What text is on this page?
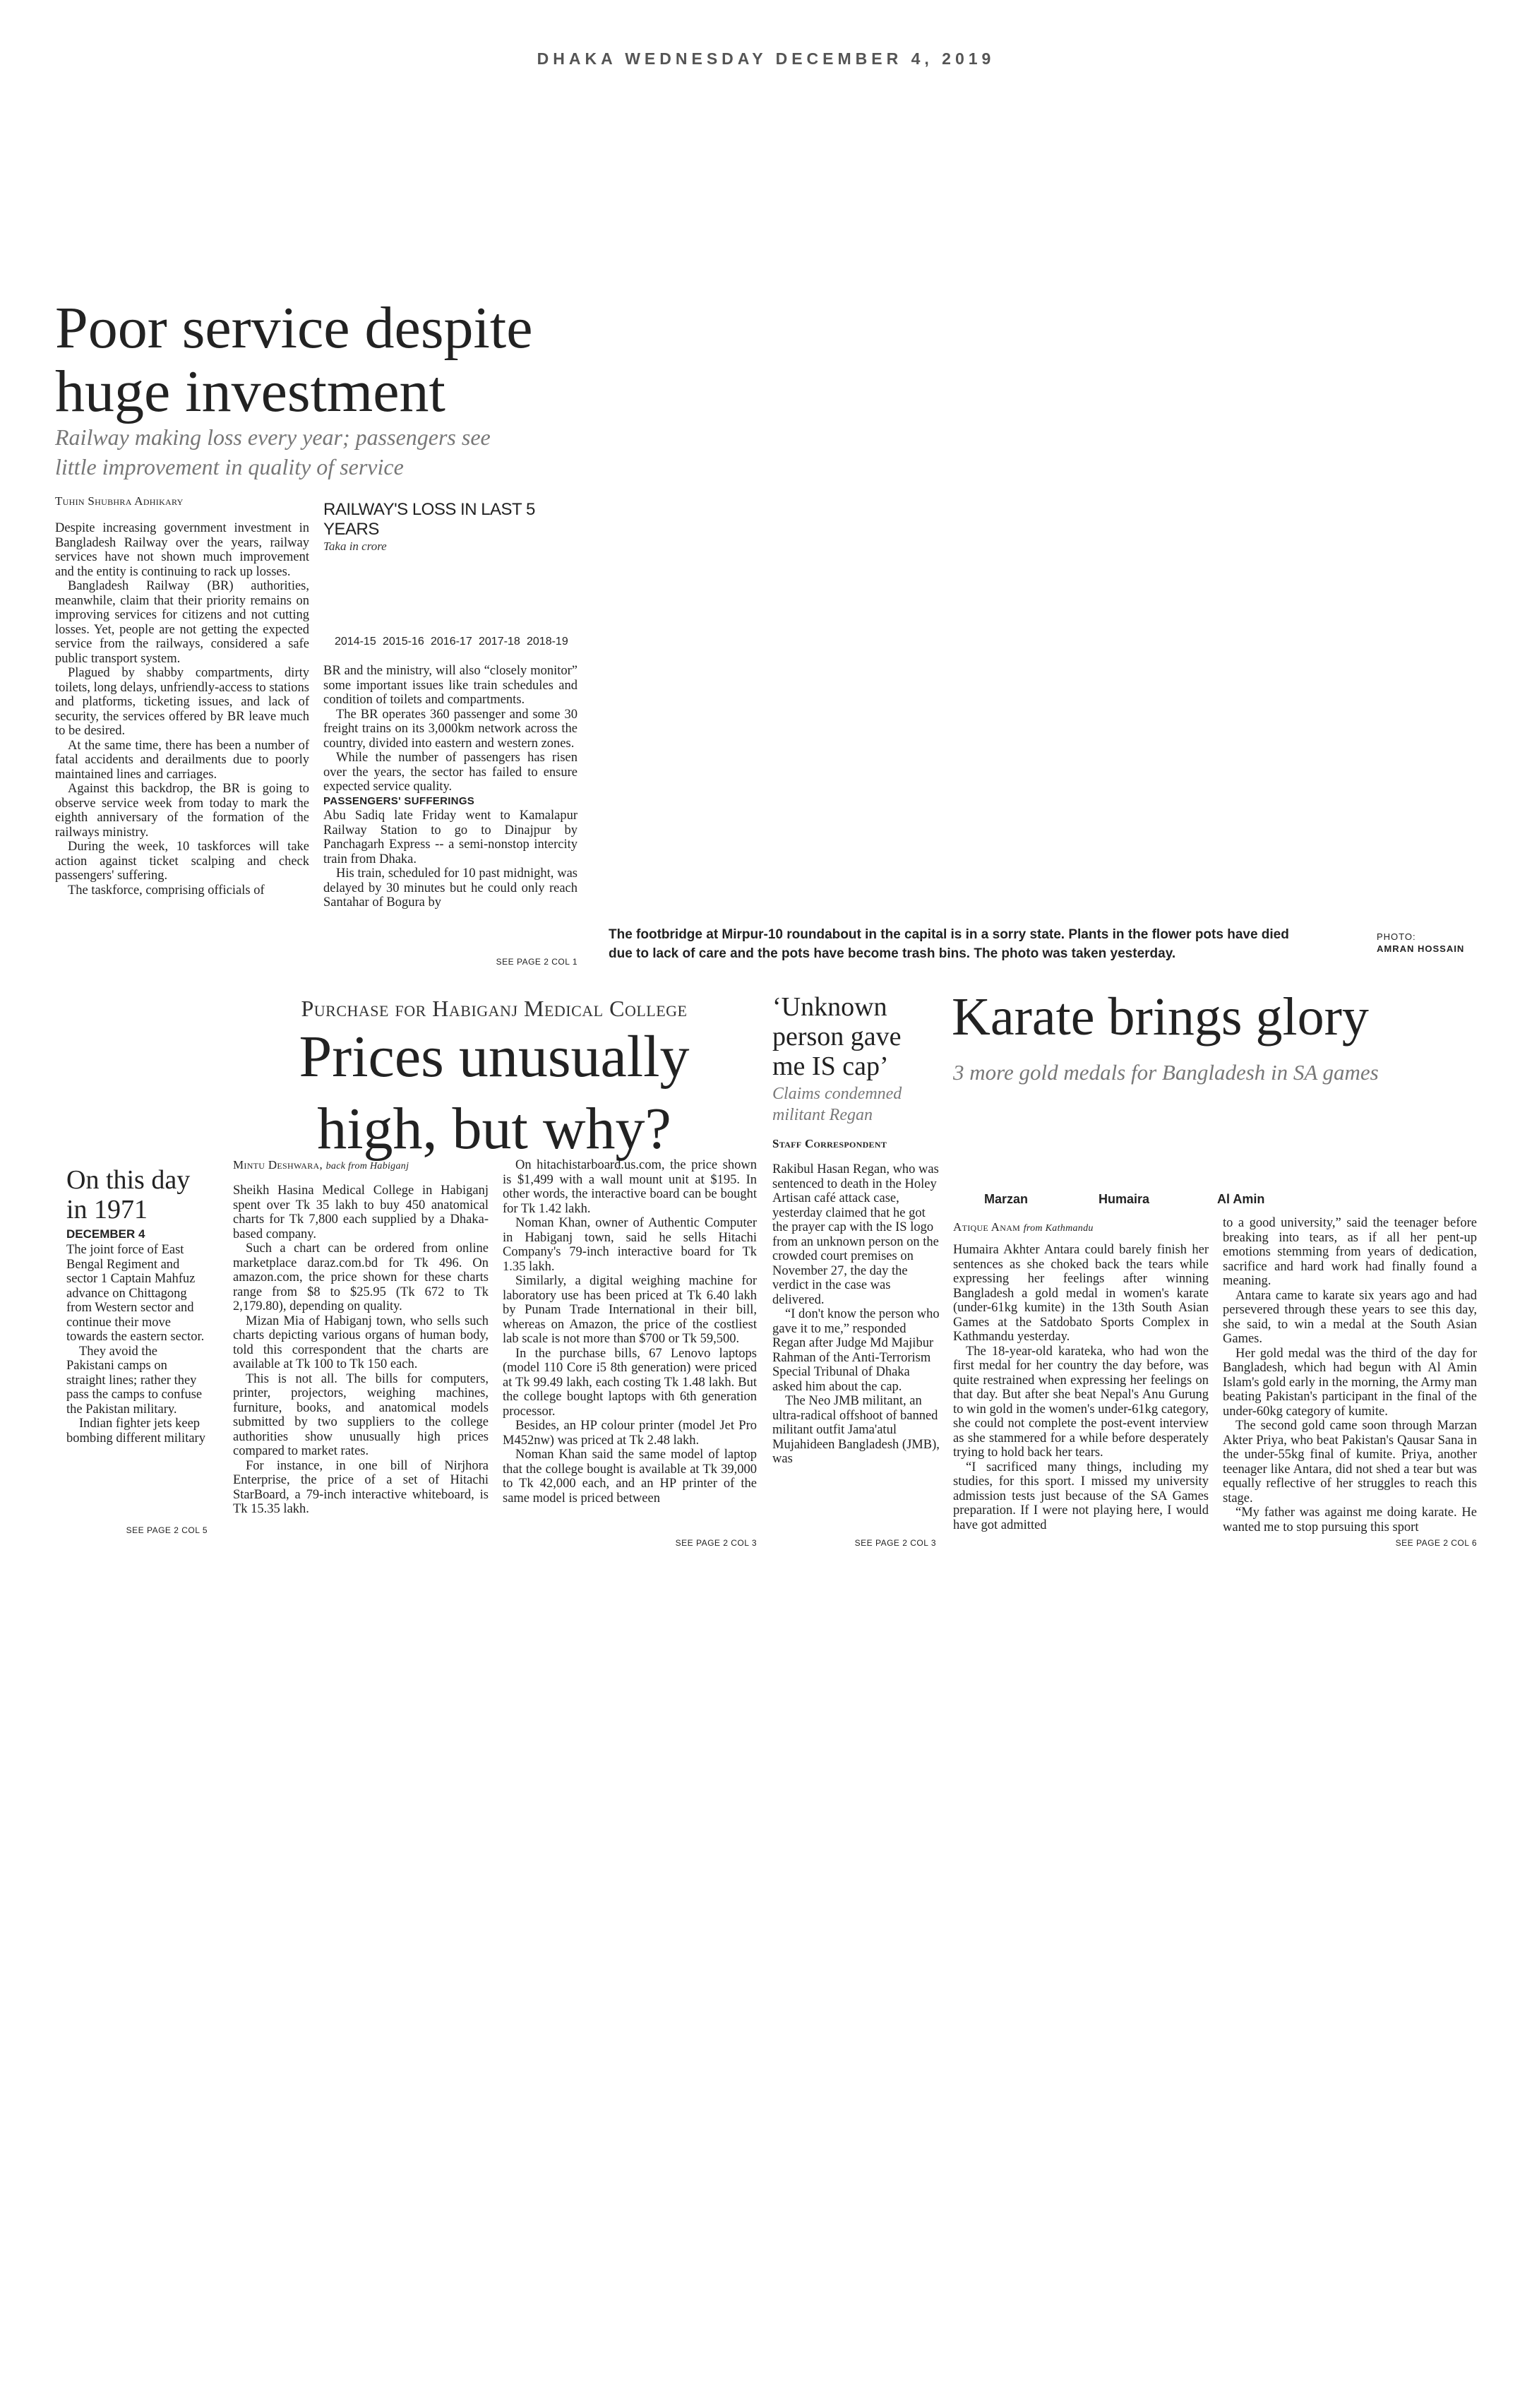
DHAKA WEDNESDAY DECEMBER 4, 2019
Poor service despite
huge investment
Railway making loss every year; passengers see
little improvement in quality of service
Tuhin Shubhra Adhikary

Despite increasing government investment in Bangladesh Railway over the years, railway services have not shown much improvement and the entity is continuing to rack up losses.

Bangladesh Railway (BR) authorities, meanwhile, claim that their priority remains on improving services for citizens and not cutting losses. Yet, people are not getting the expected service from the railways, considered a safe public transport system.

Plagued by shabby compartments, dirty toilets, long delays, unfriendly-access to stations and platforms, ticketing issues, and lack of security, the services offered by BR leave much to be desired.

At the same time, there has been a number of fatal accidents and derailments due to poorly maintained lines and carriages.

Against this backdrop, the BR is going to observe service week from today to mark the eighth anniversary of the formation of the railways ministry.

During the week, 10 taskforces will take action against ticket scalping and check passengers' suffering.

The taskforce, comprising officials of

RAILWAY'S LOSS IN LAST 5 YEARS
Taka in crore
2014-15 2015-16 2016-17 2017-18 2018-19

BR and the ministry, will also “closely monitor” some important issues like train schedules and condition of toilets and compartments.

The BR operates 360 passenger and some 30 freight trains on its 3,000km network across the country, divided into eastern and western zones.

While the number of passengers has risen over the years, the sector has failed to ensure expected service quality.

PASSENGERS' SUFFERINGS

Abu Sadiq late Friday went to Kamalapur Railway Station to go to Dinajpur by Panchagarh Express -- a semi-nonstop intercity train from Dhaka.

His train, scheduled for 10 past midnight, was delayed by 30 minutes but he could only reach Santahar of Bogura by

SEE PAGE 2 COL 1
The footbridge at Mirpur-10 roundabout in the capital is in a sorry state. Plants in the flower pots have died
due to lack of care and the pots have become trash bins. The photo was taken yesterday.
PHOTO:
AMRAN HOSSAIN
On this day
in 1971
DECEMBER 4

The joint force of East Bengal Regiment and sector 1 Captain Mahfuz advance on Chittagong from Western sector and continue their move towards the eastern sector.

They avoid the Pakistani camps on straight lines; rather they pass the camps to confuse the Pakistan military.

Indian fighter jets keep bombing different military

SEE PAGE 2 COL 5
Purchase for Habiganj Medical College
Prices unusually
high, but why?
Mintu Deshwara, back from Habiganj

Sheikh Hasina Medical College in Habiganj spent over Tk 35 lakh to buy 450 anatomical charts for Tk 7,800 each supplied by a Dhaka-based company.

Such a chart can be ordered from online marketplace daraz.com.bd for Tk 496. On amazon.com, the price shown for these charts range from $8 to $25.95 (Tk 672 to Tk 2,179.80), depending on quality.

Mizan Mia of Habiganj town, who sells such charts depicting various organs of human body, told this correspondent that the charts are available at Tk 100 to Tk 150 each.

This is not all. The bills for computers, printer, projectors, weighing machines, furniture, books, and anatomical models submitted by two suppliers to the college authorities show unusually high prices compared to market rates.

For instance, in one bill of Nirjhora Enterprise, the price of a set of Hitachi StarBoard, a 79-inch interactive whiteboard, is Tk 15.35 lakh.

On hitachistarboard.us.com, the price shown is $1,499 with a wall mount unit at $195. In other words, the interactive board can be bought for Tk 1.42 lakh.

Noman Khan, owner of Authentic Computer in Habiganj town, said he sells Hitachi Company's 79-inch interactive board for Tk 1.35 lakh.

Similarly, a digital weighing machine for laboratory use has been priced at Tk 6.40 lakh by Punam Trade International in their bill, whereas on Amazon, the price of the costliest lab scale is not more than $700 or Tk 59,500.

In the purchase bills, 67 Lenovo laptops (model 110 Core i5 8th generation) were priced at Tk 99.49 lakh, each costing Tk 1.48 lakh. But the college bought laptops with 6th generation processor.

Besides, an HP colour printer (model Jet Pro M452nw) was priced at Tk 2.48 lakh.

Noman Khan said the same model of laptop that the college bought is available at Tk 39,000 to Tk 42,000 each, and an HP printer of the same model is priced between

SEE PAGE 2 COL 3
‘Unknown
person gave
me IS cap’
Claims condemned
militant Regan
Staff Correspondent

Rakibul Hasan Regan, who was sentenced to death in the Holey Artisan café attack case, yesterday claimed that he got the prayer cap with the IS logo from an unknown person on the crowded court premises on November 27, the day the verdict in the case was delivered.

“I don't know the person who gave it to me,” responded Regan after Judge Md Majibur Rahman of the Anti-Terrorism Special Tribunal of Dhaka asked him about the cap.

The Neo JMB militant, an ultra-radical offshoot of banned militant outfit Jama'atul Mujahideen Bangladesh (JMB), was

SEE PAGE 2 COL 3
Karate brings glory
3 more gold medals for Bangladesh in SA games
Marzan	Humaira	Al Amin
Atique Anam from Kathmandu

Humaira Akhter Antara could barely finish her sentences as she choked back the tears while expressing her feelings after winning Bangladesh a gold medal in women's karate (under-61kg kumite) in the 13th South Asian Games at the Satdobato Sports Complex in Kathmandu yesterday.

The 18-year-old karateka, who had won the first medal for her country the day before, was quite restrained when expressing her feelings on that day. But after she beat Nepal's Anu Gurung to win gold in the women's under-61kg category, she could not complete the post-event interview as she stammered for a while before desperately trying to hold back her tears.

“I sacrificed many things, including my studies, for this sport. I missed my university admission tests just because of the SA Games preparation. If I were not playing here, I would have got admitted

to a good university,” said the teenager before breaking into tears, as if all her pent-up emotions stemming from years of dedication, sacrifice and hard work had finally found a meaning.

Antara came to karate six years ago and had persevered through these years to see this day, she said, to win a medal at the South Asian Games.

Her gold medal was the third of the day for Bangladesh, which had begun with Al Amin Islam's gold early in the morning, the Army man beating Pakistan's participant in the final of the under-60kg category of kumite.

The second gold came soon through Marzan Akter Priya, who beat Pakistan's Qausar Sana in the under-55kg final of kumite. Priya, another teenager like Antara, did not shed a tear but was equally reflective of her struggles to reach this stage.

“My father was against me doing karate. He wanted me to stop pursuing this sport

SEE PAGE 2 COL 6
